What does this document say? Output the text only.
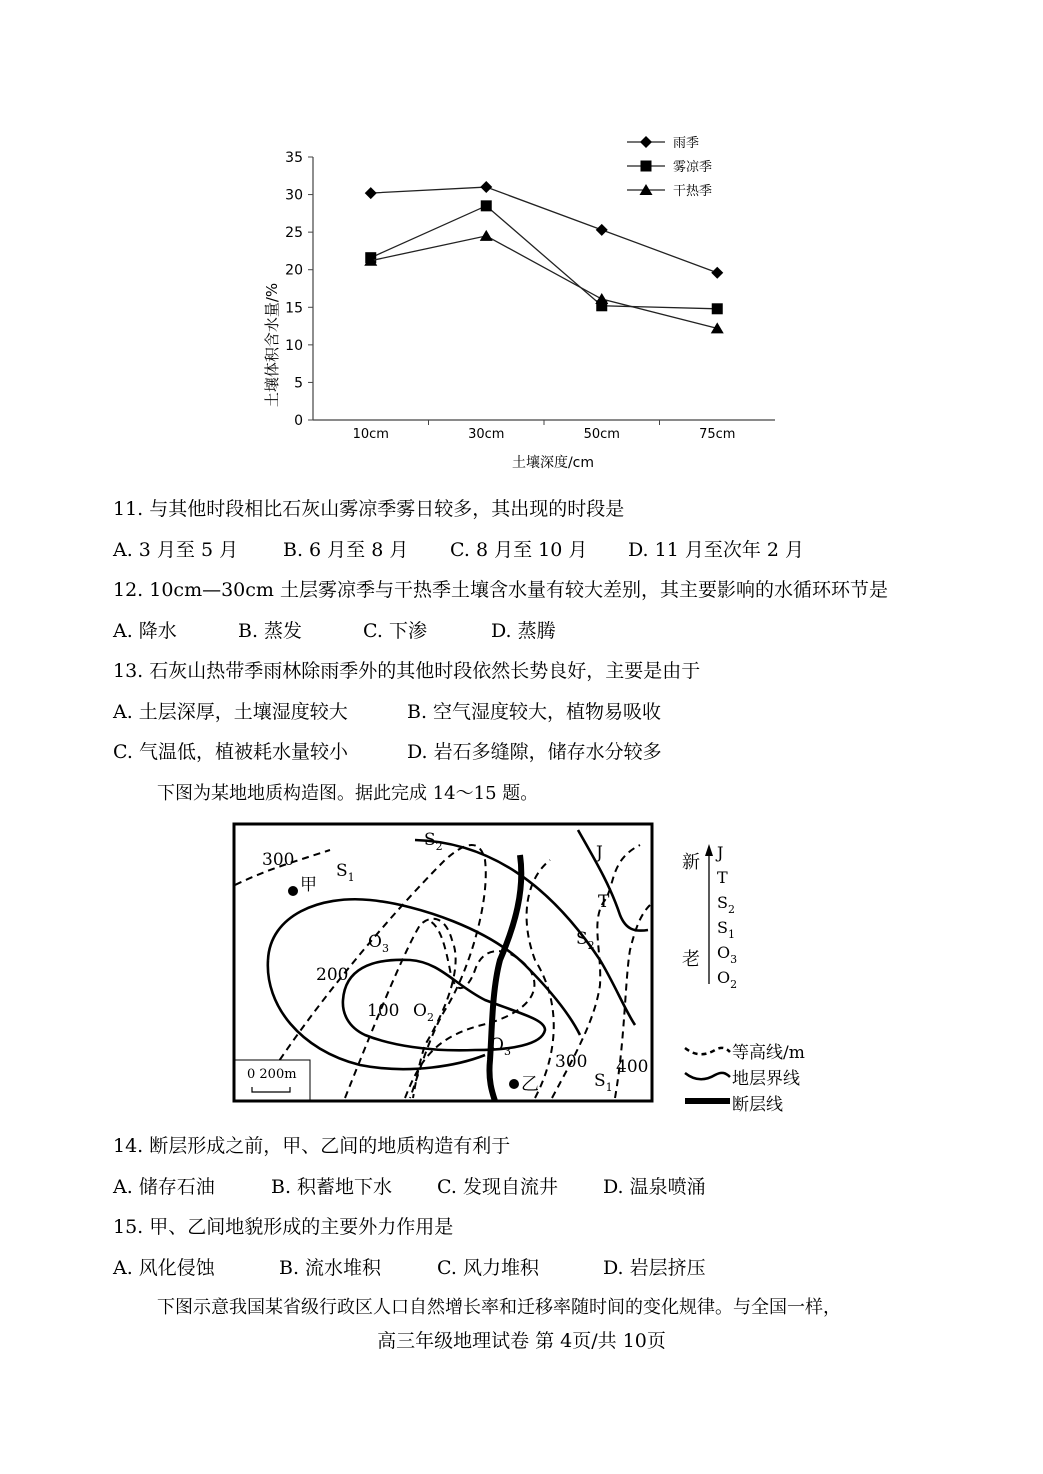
0
5
10
15
20
25
30
35
10cm	30cm	50cm	75cm
雨季
雾凉季
干热季
土壤体积含水量/%
土壤深度/cm
11. 与其他时段相比石灰山雾凉季雾日较多，其出现的时段是
A. 3 月至 5 月 B. 6 月至 8 月 C. 8 月至 10 月 D. 11 月至次年 2 月
12. 10cm—30cm 土层雾凉季与干热季土壤含水量有较大差别，其主要影响的水循环环节是
A. 降水	B. 蒸发	C. 下渗	D. 蒸腾
13. 石灰山热带季雨林除雨季外的其他时段依然长势良好，主要是由于
A. 土层深厚，土壤湿度较大	B. 空气湿度较大，植物易吸收
C. 气温低，植被耗水量较小	D. 岩石多缝隙，储存水分较多
下图为某地地质构造图。据此完成 14～15 题。
300
200
100
300 400
甲
乙
$S_2$
$S_1$
$O_3$
$O_2$
$O_3$
J
T
$S_2$
$S_1$
0 200m
新
老
J
T
$S_2$
$S_1$
$O_3$
$O_2$
等高线/m
地层界线
断层线
14. 断层形成之前，甲、乙间的地质构造有利于
A. 储存石油	B. 积蓄地下水 C. 发现自流井 D. 温泉喷涌
15. 甲、乙间地貌形成的主要外力作用是
A. 风化侵蚀	B. 流水堆积	C. 风力堆积	D. 岩层挤压
下图示意我国某省级行政区人口自然增长率和迁移率随时间的变化规律。与全国一样，
高三年级地理试卷 第 4页/共 10页
